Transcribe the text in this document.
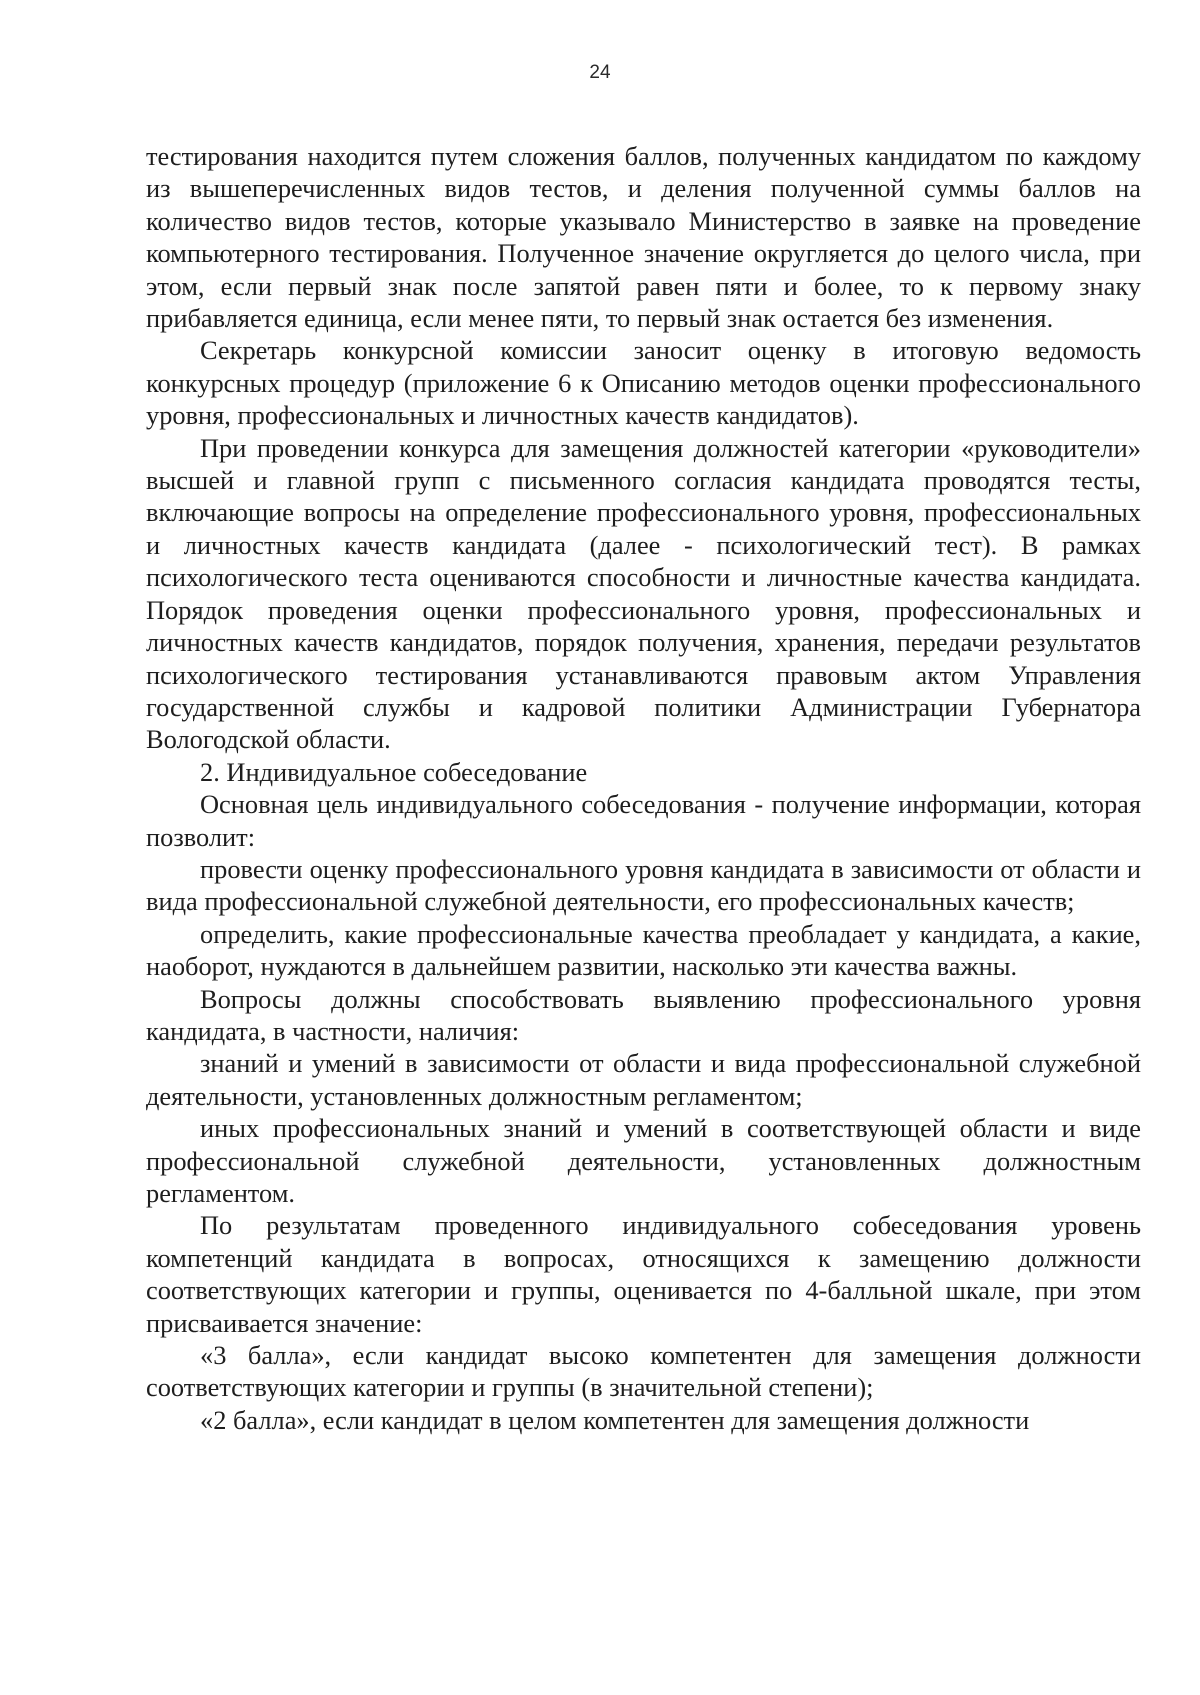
24

тестирования находится путем сложения баллов, полученных кандидатом по каждому из вышеперечисленных видов тестов, и деления полученной суммы баллов на количество видов тестов, которые указывало Министерство в заявке на проведение компьютерного тестирования. Полученное значение округляется до целого числа, при этом, если первый знак после запятой равен пяти и более, то к первому знаку прибавляется единица, если менее пяти, то первый знак остается без изменения.

Секретарь конкурсной комиссии заносит оценку в итоговую ведомость конкурсных процедур (приложение 6 к Описанию методов оценки профессионального уровня, профессиональных и личностных качеств кандидатов).

При проведении конкурса для замещения должностей категории «руководители» высшей и главной групп с письменного согласия кандидата проводятся тесты, включающие вопросы на определение профессионального уровня, профессиональных и личностных качеств кандидата (далее - психологический тест). В рамках психологического теста оцениваются способности и личностные качества кандидата. Порядок проведения оценки профессионального уровня, профессиональных и личностных качеств кандидатов, порядок получения, хранения, передачи результатов психологического тестирования устанавливаются правовым актом Управления государственной службы и кадровой политики Администрации Губернатора Вологодской области.

2. Индивидуальное собеседование

Основная цель индивидуального собеседования - получение информации, которая позволит:

провести оценку профессионального уровня кандидата в зависимости от области и вида профессиональной служебной деятельности, его профессиональных качеств;

определить, какие профессиональные качества преобладает у кандидата, а какие, наоборот, нуждаются в дальнейшем развитии, насколько эти качества важны.

Вопросы должны способствовать выявлению профессионального уровня кандидата, в частности, наличия:

знаний и умений в зависимости от области и вида профессиональной служебной деятельности, установленных должностным регламентом;

иных профессиональных знаний и умений в соответствующей области и виде профессиональной служебной деятельности, установленных должностным регламентом.

По результатам проведенного индивидуального собеседования уровень компетенций кандидата в вопросах, относящихся к замещению должности соответствующих категории и группы, оценивается по 4-балльной шкале, при этом присваивается значение:

«3 балла», если кандидат высоко компетентен для замещения должности соответствующих категории и группы (в значительной степени);

«2 балла», если кандидат в целом компетентен для замещения должности
